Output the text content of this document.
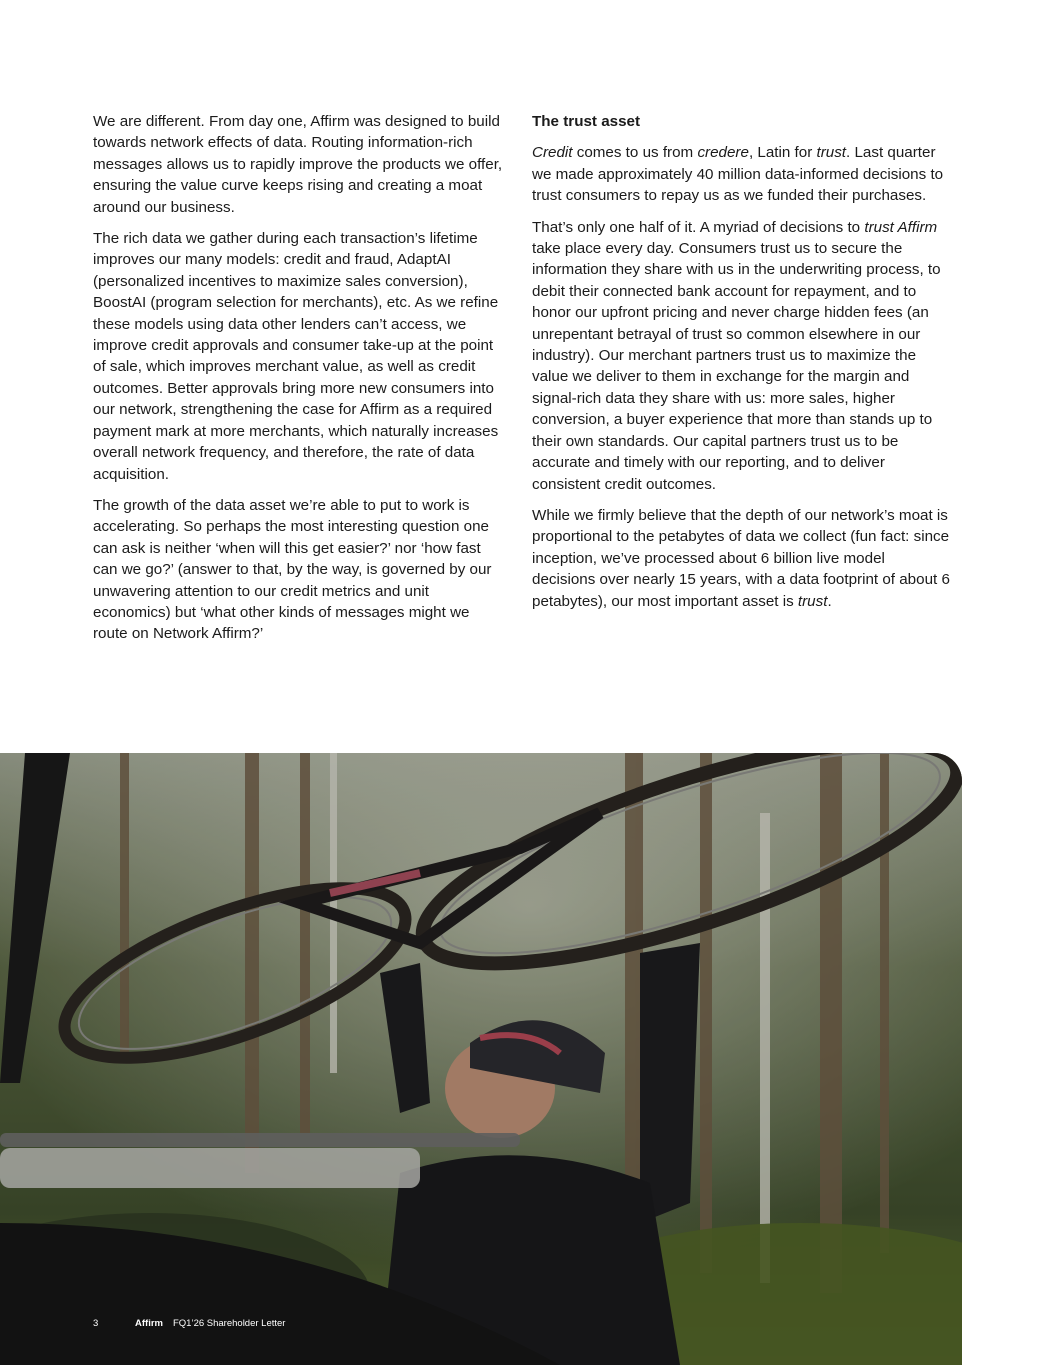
We are different. From day one, Affirm was designed to build towards network effects of data. Routing information-rich messages allows us to rapidly improve the products we offer, ensuring the value curve keeps rising and creating a moat around our business.

The rich data we gather during each transaction’s lifetime improves our many models: credit and fraud, AdaptAI (personalized incentives to maximize sales conversion), BoostAI (program selection for merchants), etc. As we refine these models using data other lenders can’t access, we improve credit approvals and consumer take-up at the point of sale, which improves merchant value, as well as credit outcomes. Better approvals bring more new consumers into our network, strengthening the case for Affirm as a required payment mark at more merchants, which naturally increases overall network frequency, and therefore, the rate of data acquisition.

The growth of the data asset we’re able to put to work is accelerating. So perhaps the most interesting question one can ask is neither ‘when will this get easier?’ nor ‘how fast can we go?’ (answer to that, by the way, is governed by our unwavering attention to our credit metrics and unit economics) but ‘what other kinds of messages might we route on Network Affirm?’

The trust asset

Credit comes to us from credere, Latin for trust. Last quarter we made approximately 40 million data-informed decisions to trust consumers to repay us as we funded their purchases.

That’s only one half of it. A myriad of decisions to trust Affirm take place every day. Consumers trust us to secure the information they share with us in the underwriting process, to debit their connected bank account for repayment, and to honor our upfront pricing and never charge hidden fees (an unrepentant betrayal of trust so common elsewhere in our industry). Our merchant partners trust us to maximize the value we deliver to them in exchange for the margin and signal-rich data they share with us: more sales, higher conversion, a buyer experience that more than stands up to their own standards. Our capital partners trust us to be accurate and timely with our reporting, and to deliver consistent credit outcomes.

While we firmly believe that the depth of our network’s moat is proportional to the petabytes of data we collect (fun fact: since inception, we’ve processed about 6 billion live model decisions over nearly 15 years, with a data footprint of about 6 petabytes), our most important asset is trust.

3	Affirm FQ1’26 Shareholder Letter
